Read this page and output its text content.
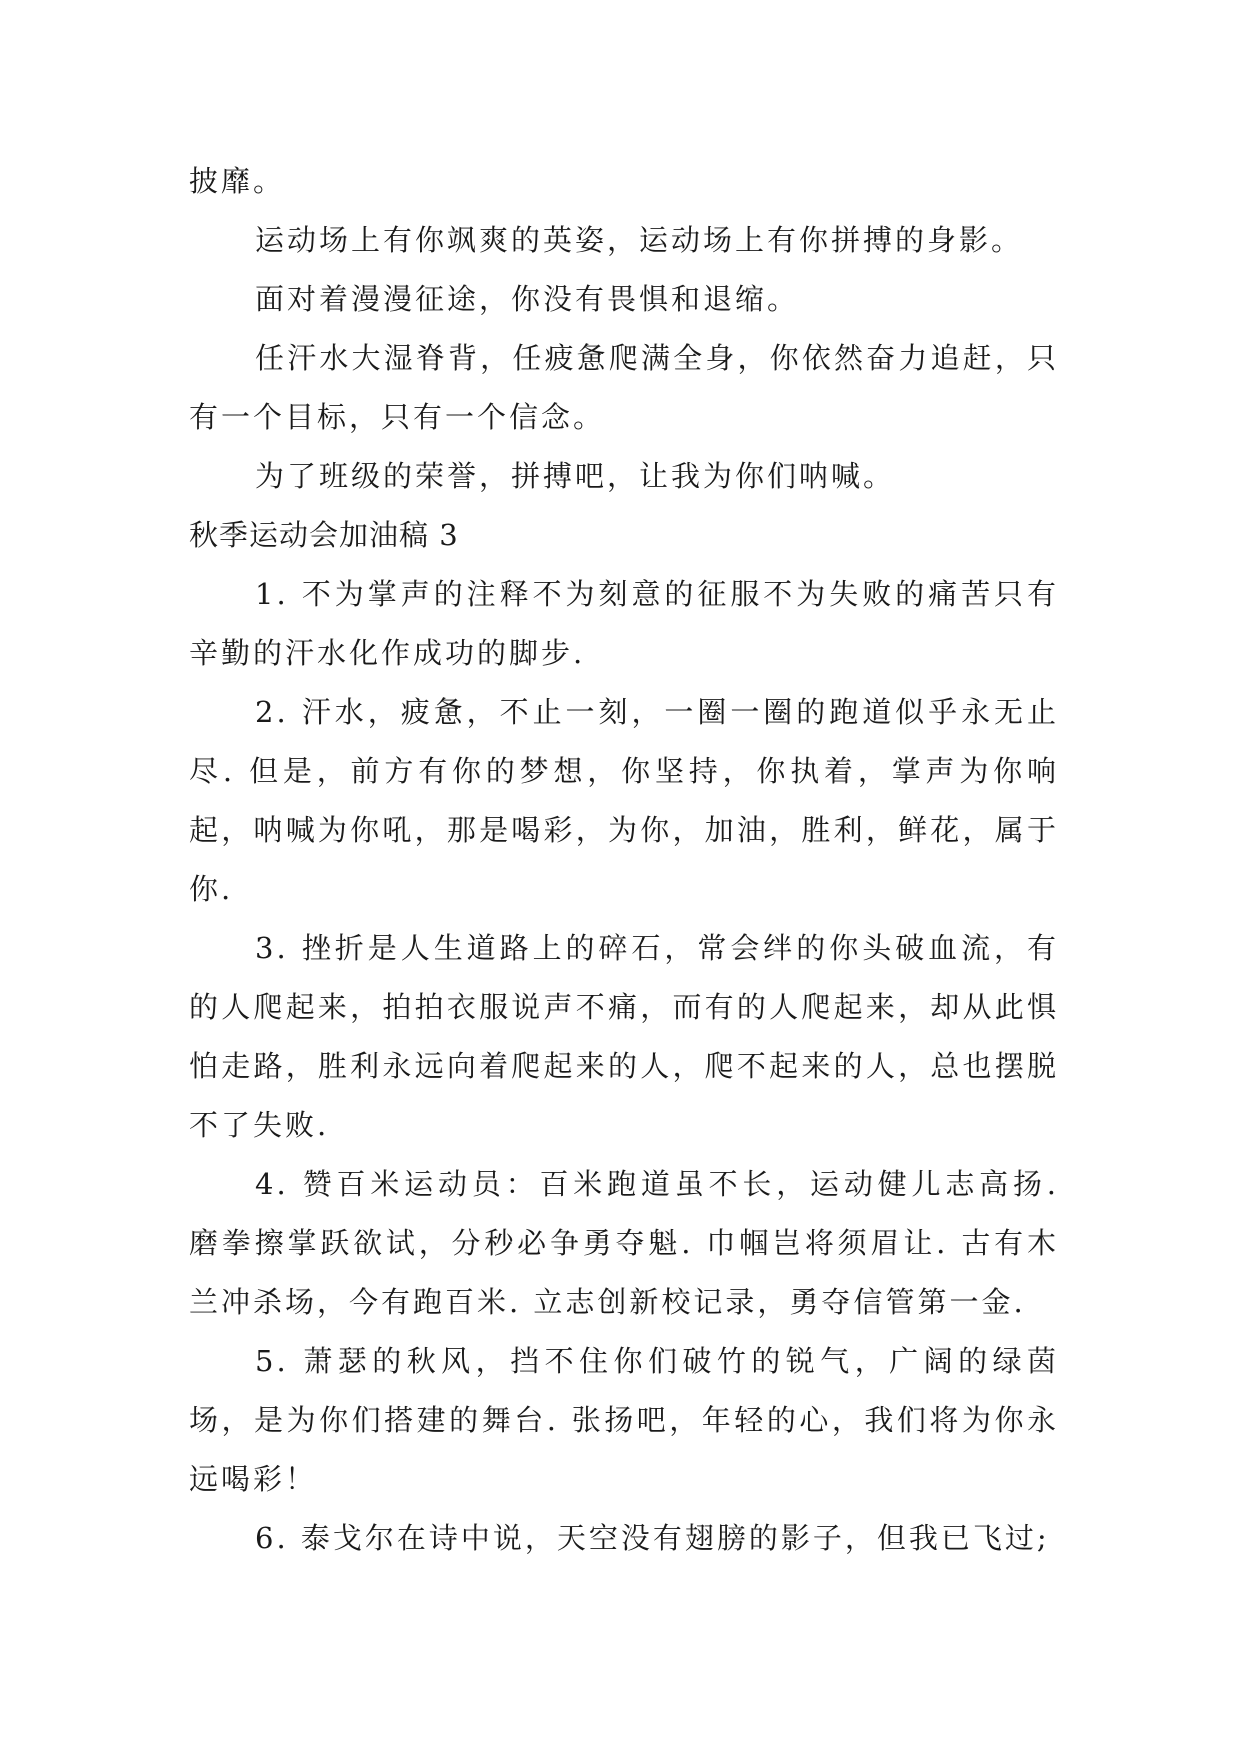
披靡。

运动场上有你飒爽的英姿，运动场上有你拼搏的身影。

面对着漫漫征途，你没有畏惧和退缩。

任汗水大湿脊背，任疲惫爬满全身，你依然奋力追赶，只有一个目标，只有一个信念。

为了班级的荣誉，拼搏吧，让我为你们呐喊。

秋季运动会加油稿 3

1. 不为掌声的注释不为刻意的征服不为失败的痛苦只有辛勤的汗水化作成功的脚步.

2. 汗水，疲惫，不止一刻，一圈一圈的跑道似乎永无止尽. 但是，前方有你的梦想，你坚持，你执着，掌声为你响起，呐喊为你吼，那是喝彩，为你，加油，胜利，鲜花，属于你.

3. 挫折是人生道路上的碎石，常会绊的你头破血流，有的人爬起来，拍拍衣服说声不痛，而有的人爬起来，却从此惧怕走路，胜利永远向着爬起来的人，爬不起来的人，总也摆脱不了失败.

4. 赞百米运动员：百米跑道虽不长，运动健儿志高扬. 磨拳擦掌跃欲试，分秒必争勇夺魁. 巾帼岂将须眉让. 古有木兰冲杀场，今有跑百米. 立志创新校记录，勇夺信管第一金.

5. 萧瑟的秋风，挡不住你们破竹的锐气，广阔的绿茵场，是为你们搭建的舞台. 张扬吧，年轻的心，我们将为你永远喝彩！

6. 泰戈尔在诗中说，天空没有翅膀的影子，但我已飞过;
